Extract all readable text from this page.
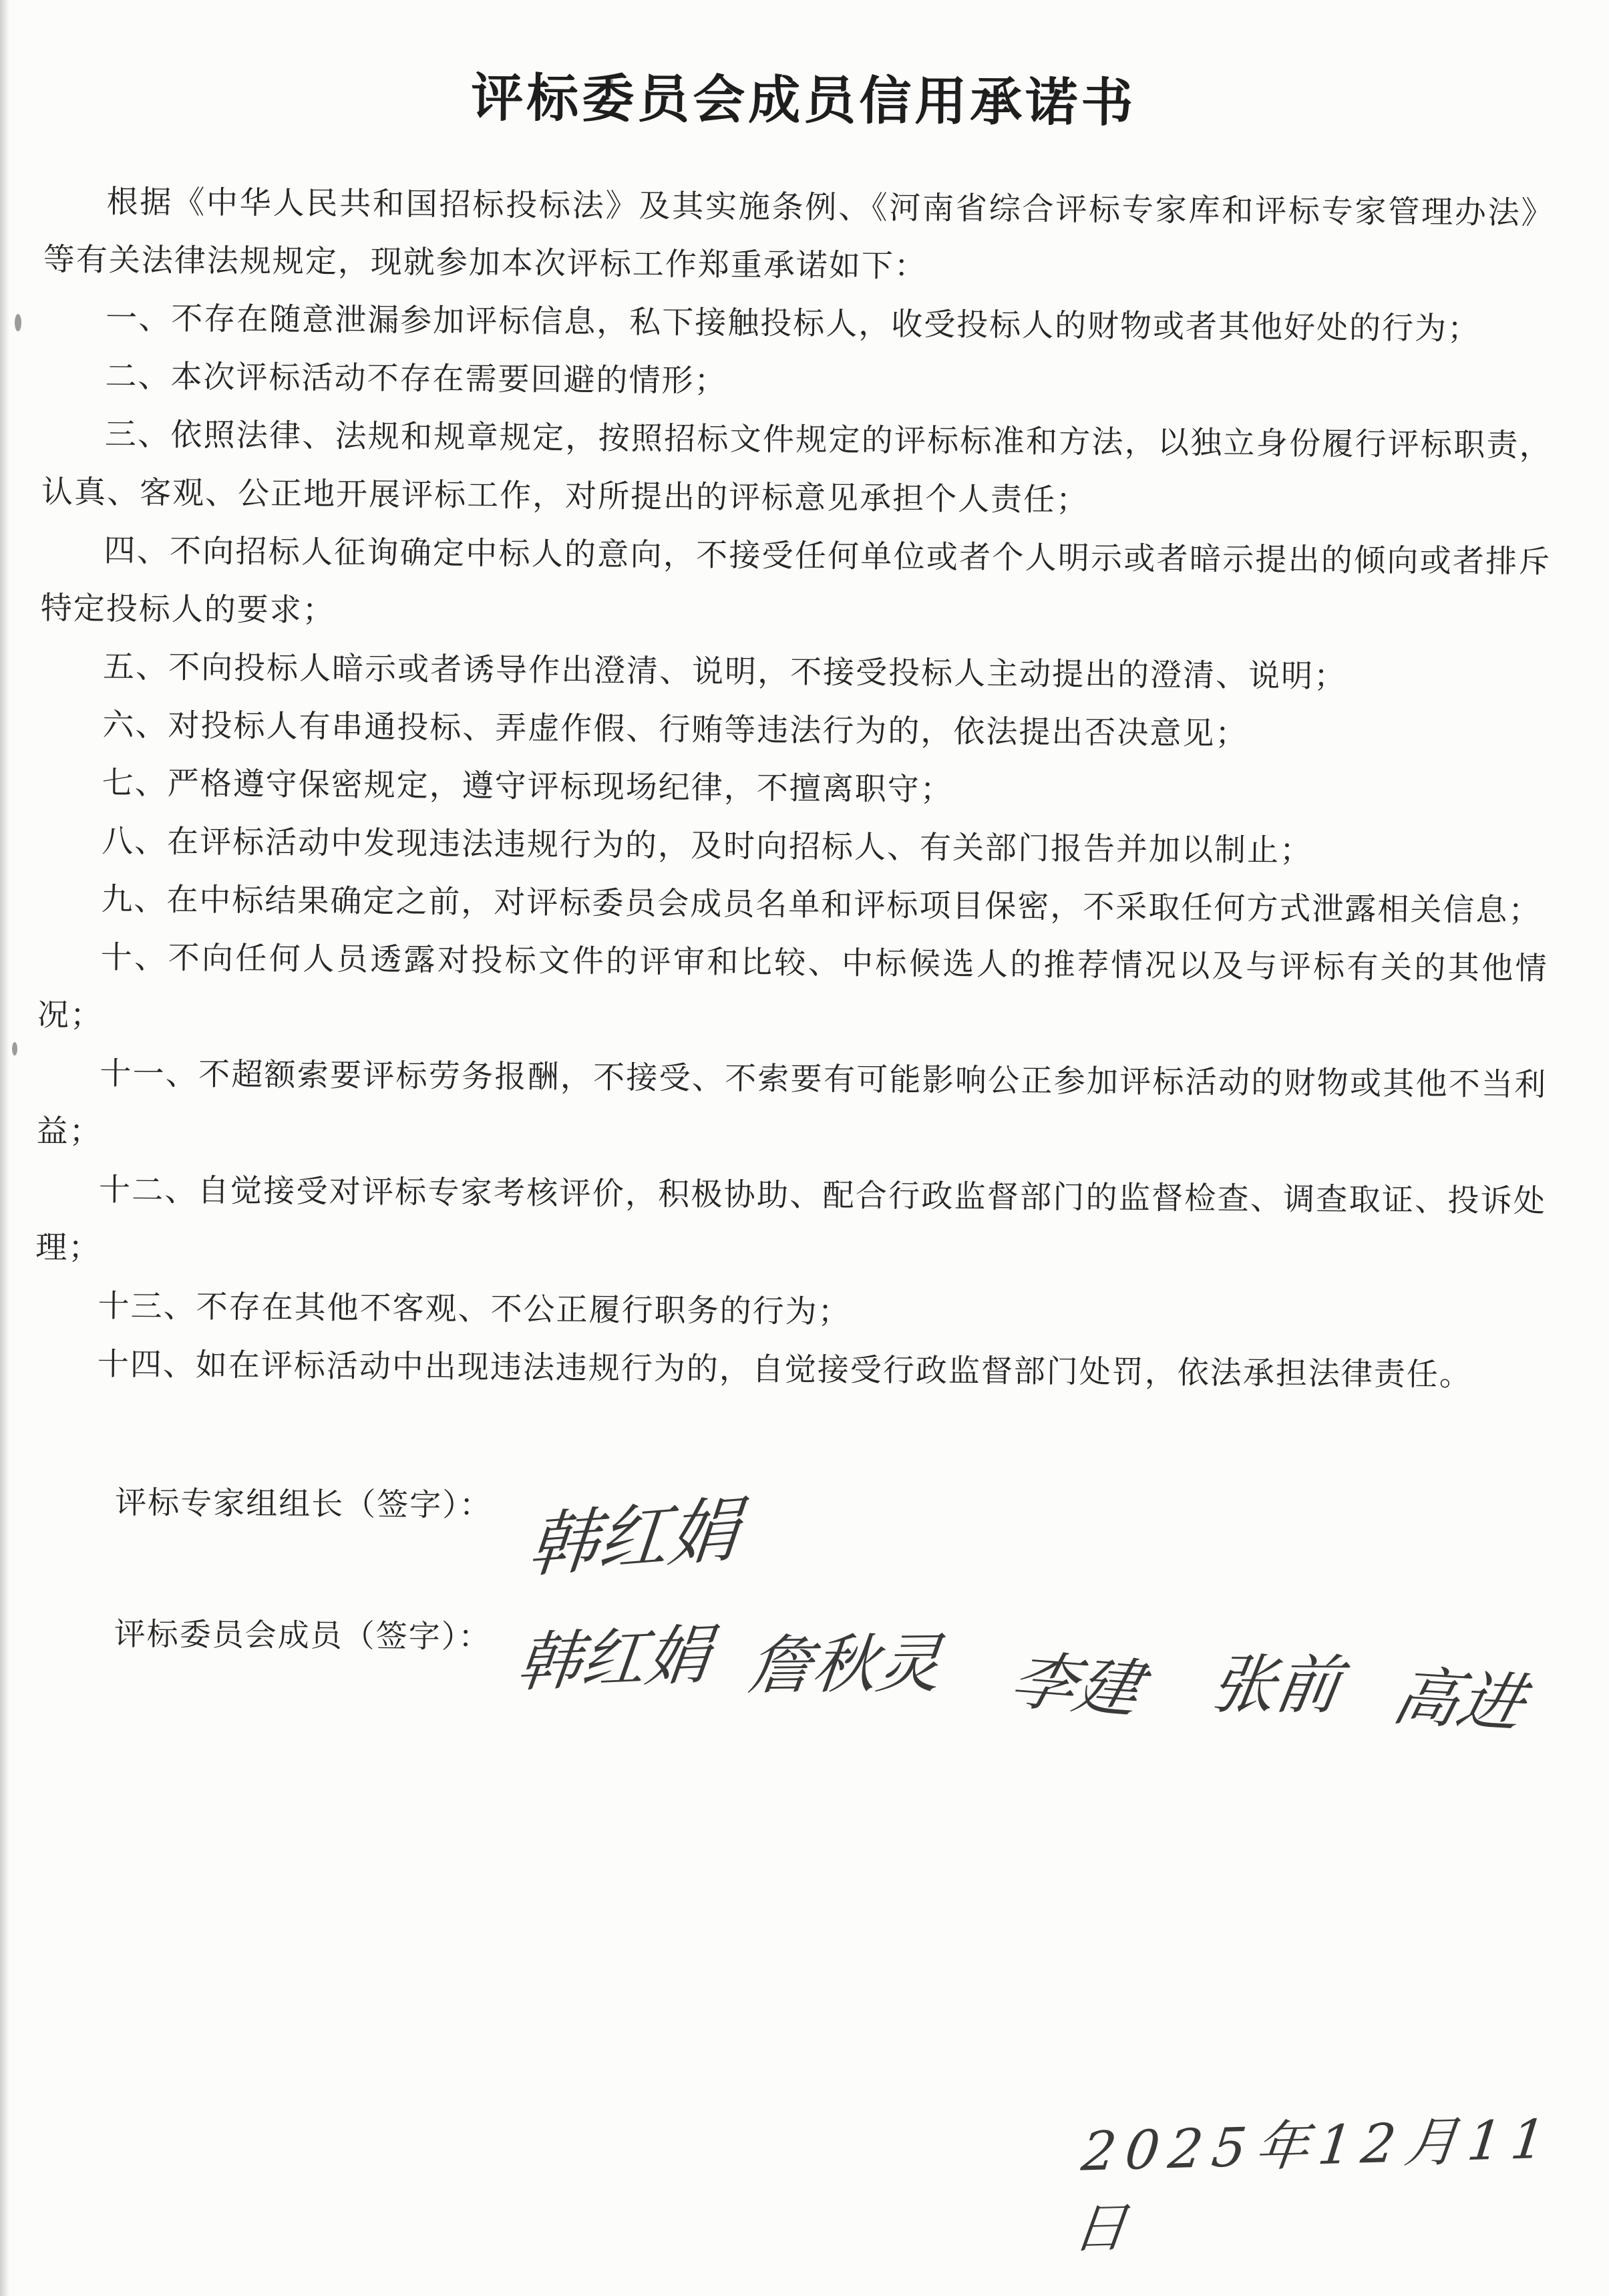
评标委员会成员信用承诺书

根据《中华人民共和国招标投标法》及其实施条例、《河南省综合评标专家库和评标专家管理办法》等有关法律法规规定，现就参加本次评标工作郑重承诺如下：

一、不存在随意泄漏参加评标信息，私下接触投标人，收受投标人的财物或者其他好处的行为；

二、本次评标活动不存在需要回避的情形；

三、依照法律、法规和规章规定，按照招标文件规定的评标标准和方法，以独立身份履行评标职责，认真、客观、公正地开展评标工作，对所提出的评标意见承担个人责任；

四、不向招标人征询确定中标人的意向，不接受任何单位或者个人明示或者暗示提出的倾向或者排斥特定投标人的要求；

五、不向投标人暗示或者诱导作出澄清、说明，不接受投标人主动提出的澄清、说明；

六、对投标人有串通投标、弄虚作假、行贿等违法行为的，依法提出否决意见；

七、严格遵守保密规定，遵守评标现场纪律，不擅离职守；

八、在评标活动中发现违法违规行为的，及时向招标人、有关部门报告并加以制止；

九、在中标结果确定之前，对评标委员会成员名单和评标项目保密，不采取任何方式泄露相关信息；

十、不向任何人员透露对投标文件的评审和比较、中标候选人的推荐情况以及与评标有关的其他情况；

十一、不超额索要评标劳务报酬，不接受、不索要有可能影响公正参加评标活动的财物或其他不当利益；

十二、自觉接受对评标专家考核评价，积极协助、配合行政监督部门的监督检查、调查取证、投诉处理；

十三、不存在其他不客观、不公正履行职务的行为；

十四、如在评标活动中出现违法违规行为的，自觉接受行政监督部门处罚，依法承担法律责任。

评标专家组组长（签字）： 韩红娟
评标委员会成员（签字）： 韩红娟 詹秋灵 李建 张前 高进
2025年12月11日
